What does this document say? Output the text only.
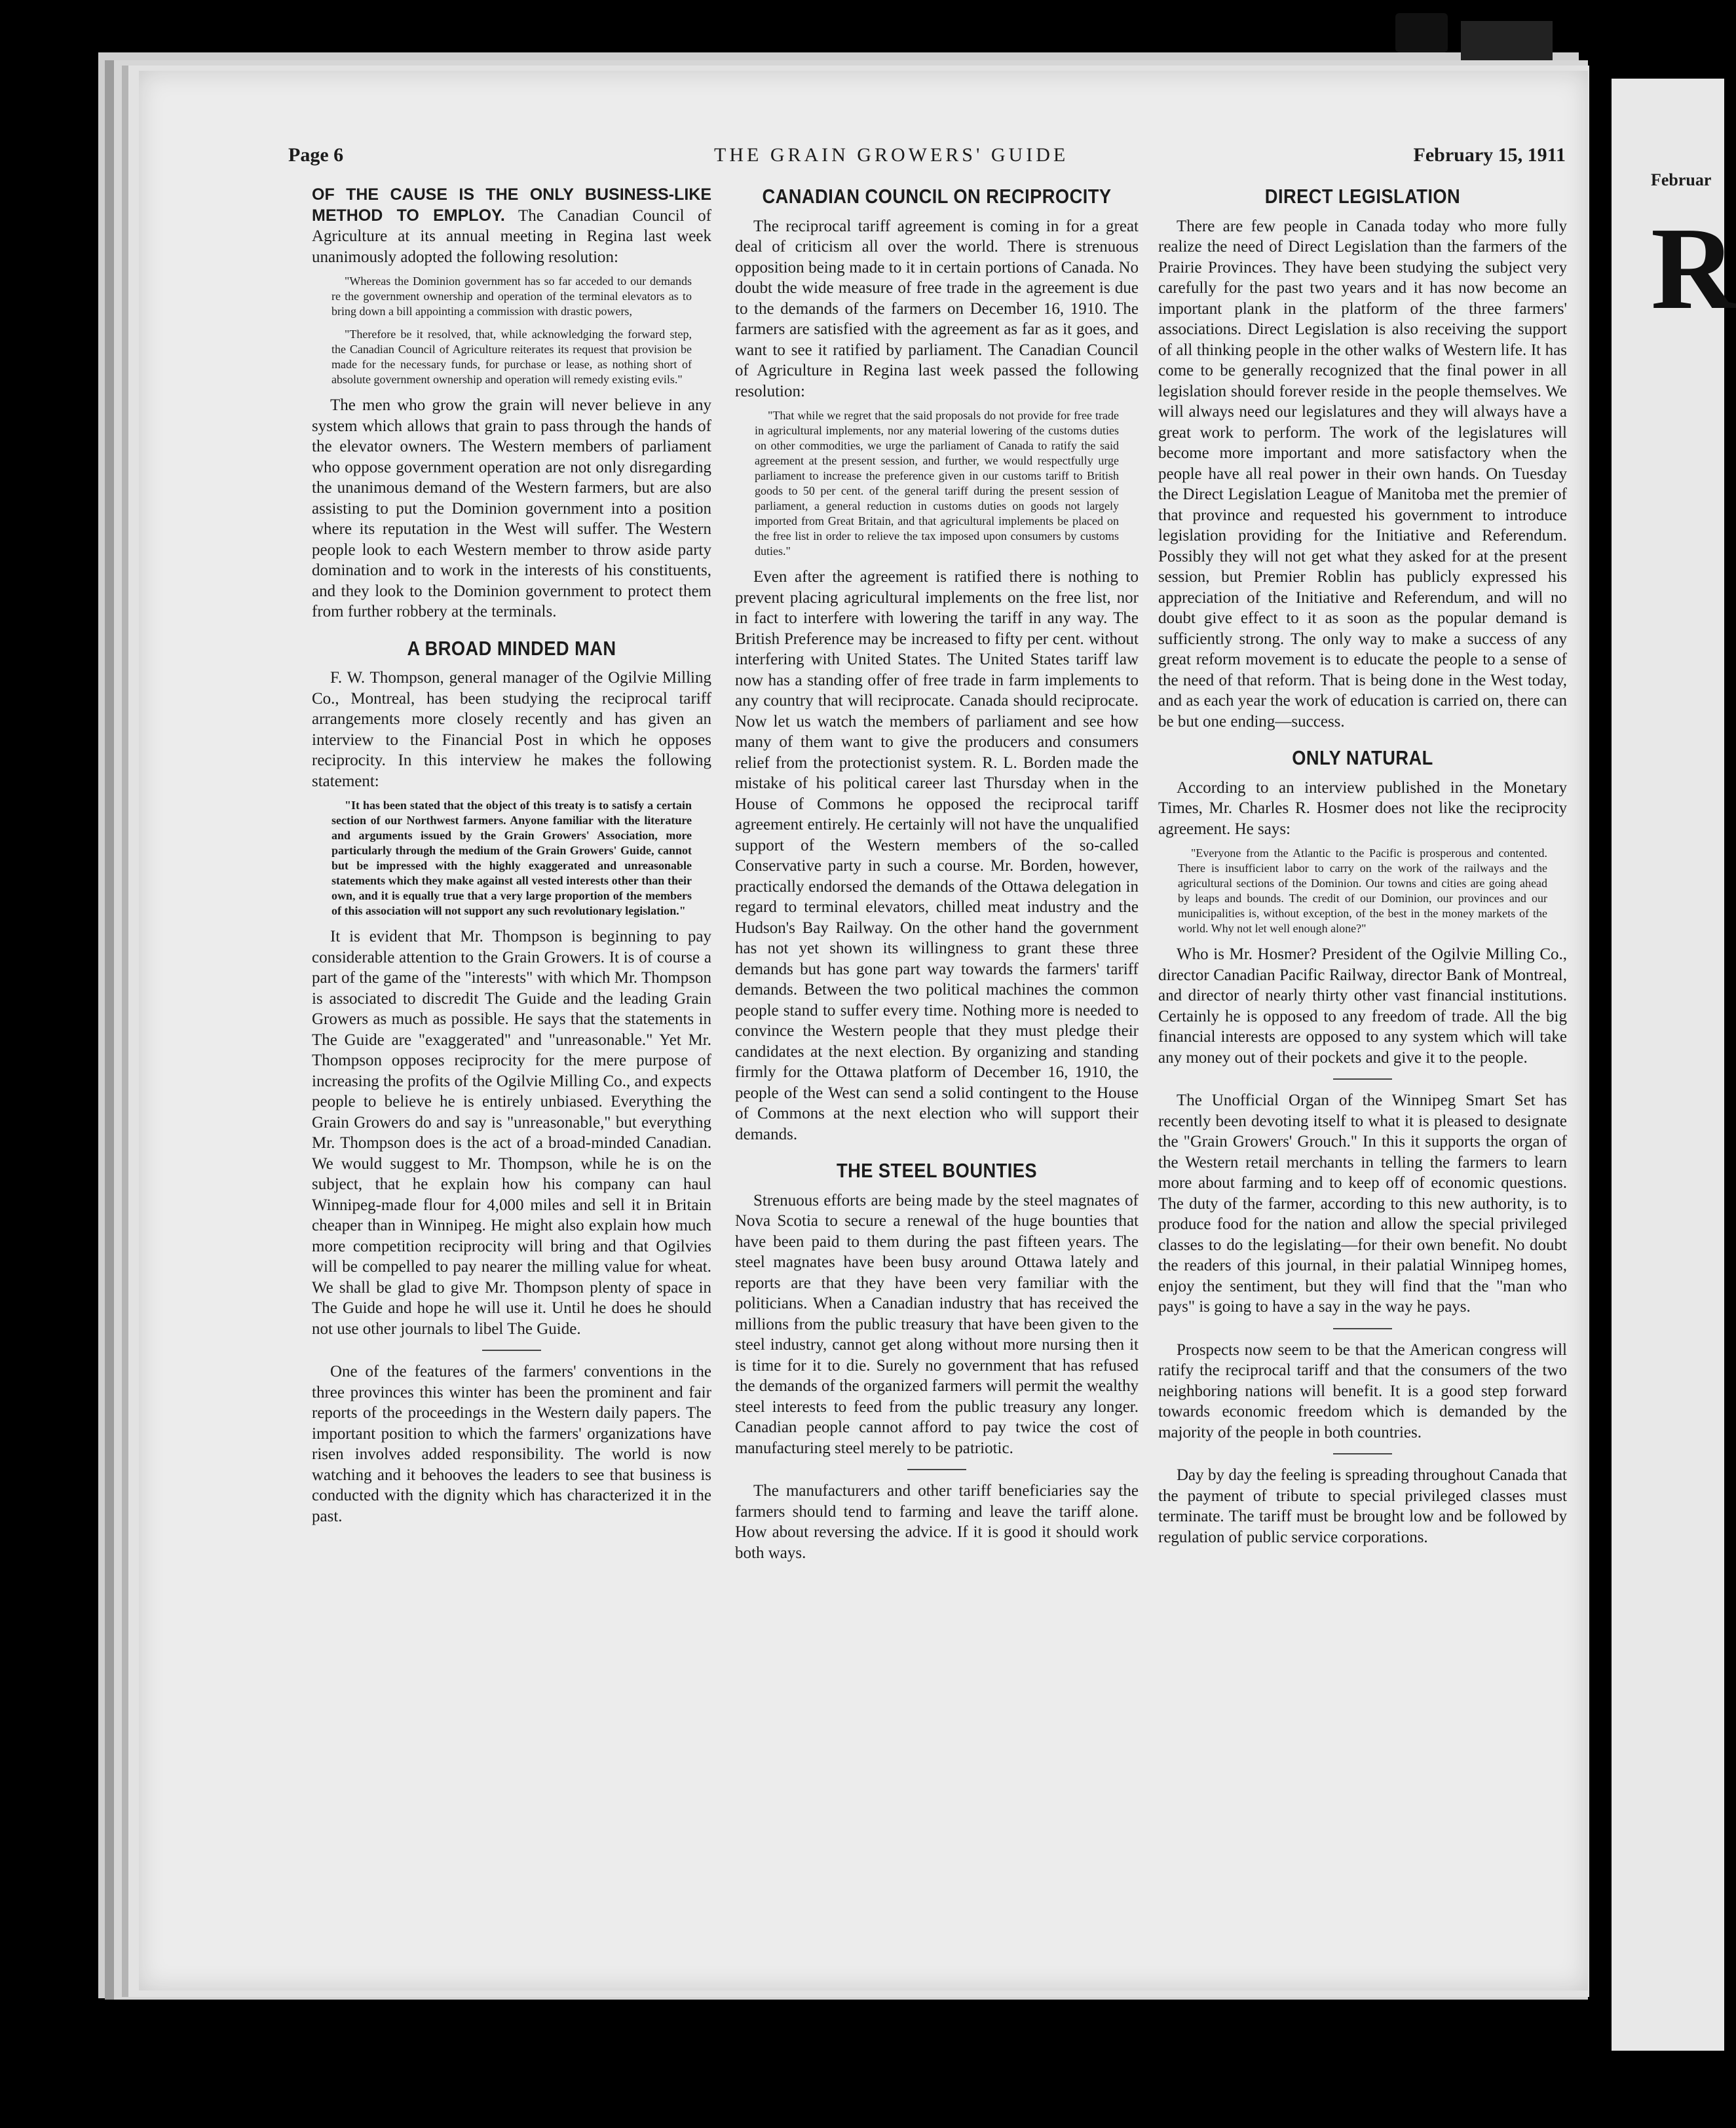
Februar
R
Page 6	THE GRAIN GROWERS' GUIDE	February 15, 1911

OF THE CAUSE IS THE ONLY BUSINESS-LIKE METHOD TO EMPLOY. The Canadian Council of Agriculture at its annual meeting in Regina last week unanimously adopted the following resolution:

"Whereas the Dominion government has so far acceded to our demands re the government ownership and operation of the terminal elevators as to bring down a bill appointing a commission with drastic powers,
"Therefore be it resolved, that, while acknowledging the forward step, the Canadian Council of Agriculture reiterates its request that provision be made for the necessary funds, for purchase or lease, as nothing short of absolute government ownership and operation will remedy existing evils."

The men who grow the grain will never believe in any system which allows that grain to pass through the hands of the elevator owners. The Western members of parliament who oppose government operation are not only disregarding the unanimous demand of the Western farmers, but are also assisting to put the Dominion government into a position where its reputation in the West will suffer. The Western people look to each Western member to throw aside party domination and to work in the interests of his constituents, and they look to the Dominion government to protect them from further robbery at the terminals.

A BROAD MINDED MAN

F. W. Thompson, general manager of the Ogilvie Milling Co., Montreal, has been studying the reciprocal tariff arrangements more closely recently and has given an interview to the Financial Post in which he opposes reciprocity. In this interview he makes the following statement:

"It has been stated that the object of this treaty is to satisfy a certain section of our Northwest farmers. Anyone familiar with the literature and arguments issued by the Grain Growers' Association, more particularly through the medium of the Grain Growers' Guide, cannot but be impressed with the highly exaggerated and unreasonable statements which they make against all vested interests other than their own, and it is equally true that a very large proportion of the members of this association will not support any such revolutionary legislation."

It is evident that Mr. Thompson is beginning to pay considerable attention to the Grain Growers. It is of course a part of the game of the "interests" with which Mr. Thompson is associated to discredit The Guide and the leading Grain Growers as much as possible. He says that the statements in The Guide are "exaggerated" and "unreasonable." Yet Mr. Thompson opposes reciprocity for the mere purpose of increasing the profits of the Ogilvie Milling Co., and expects people to believe he is entirely unbiased. Everything the Grain Growers do and say is "unreasonable," but everything Mr. Thompson does is the act of a broad-minded Canadian. We would suggest to Mr. Thompson, while he is on the subject, that he explain how his company can haul Winnipeg-made flour for 4,000 miles and sell it in Britain cheaper than in Winnipeg. He might also explain how much more competition reciprocity will bring and that Ogilvies will be compelled to pay nearer the milling value for wheat. We shall be glad to give Mr. Thompson plenty of space in The Guide and hope he will use it. Until he does he should not use other journals to libel The Guide.

One of the features of the farmers' conventions in the three provinces this winter has been the prominent and fair reports of the proceedings in the Western daily papers. The important position to which the farmers' organizations have risen involves added responsibility. The world is now watching and it behooves the leaders to see that business is conducted with the dignity which has characterized it in the past.

CANADIAN COUNCIL ON RECIPROCITY

The reciprocal tariff agreement is coming in for a great deal of criticism all over the world. There is strenuous opposition being made to it in certain portions of Canada. No doubt the wide measure of free trade in the agreement is due to the demands of the farmers on December 16, 1910. The farmers are satisfied with the agreement as far as it goes, and want to see it ratified by parliament. The Canadian Council of Agriculture in Regina last week passed the following resolution:

"That while we regret that the said proposals do not provide for free trade in agricultural implements, nor any material lowering of the customs duties on other commodities, we urge the parliament of Canada to ratify the said agreement at the present session, and further, we would respectfully urge parliament to increase the preference given in our customs tariff to British goods to 50 per cent. of the general tariff during the present session of parliament, a general reduction in customs duties on goods not largely imported from Great Britain, and that agricultural implements be placed on the free list in order to relieve the tax imposed upon consumers by customs duties."

Even after the agreement is ratified there is nothing to prevent placing agricultural implements on the free list, nor in fact to interfere with lowering the tariff in any way. The British Preference may be increased to fifty per cent. without interfering with United States. The United States tariff law now has a standing offer of free trade in farm implements to any country that will reciprocate. Canada should reciprocate. Now let us watch the members of parliament and see how many of them want to give the producers and consumers relief from the protectionist system. R. L. Borden made the mistake of his political career last Thursday when in the House of Commons he opposed the reciprocal tariff agreement entirely. He certainly will not have the unqualified support of the Western members of the so-called Conservative party in such a course. Mr. Borden, however, practically endorsed the demands of the Ottawa delegation in regard to terminal elevators, chilled meat industry and the Hudson's Bay Railway. On the other hand the government has not yet shown its willingness to grant these three demands but has gone part way towards the farmers' tariff demands. Between the two political machines the common people stand to suffer every time. Nothing more is needed to convince the Western people that they must pledge their candidates at the next election. By organizing and standing firmly for the Ottawa platform of December 16, 1910, the people of the West can send a solid contingent to the House of Commons at the next election who will support their demands.

THE STEEL BOUNTIES

Strenuous efforts are being made by the steel magnates of Nova Scotia to secure a renewal of the huge bounties that have been paid to them during the past fifteen years. The steel magnates have been busy around Ottawa lately and reports are that they have been very familiar with the politicians. When a Canadian industry that has received the millions from the public treasury that have been given to the steel industry, cannot get along without more nursing then it is time for it to die. Surely no government that has refused the demands of the organized farmers will permit the wealthy steel interests to feed from the public treasury any longer. Canadian people cannot afford to pay twice the cost of manufacturing steel merely to be patriotic.

The manufacturers and other tariff beneficiaries say the farmers should tend to farming and leave the tariff alone. How about reversing the advice. If it is good it should work both ways.

DIRECT LEGISLATION

There are few people in Canada today who more fully realize the need of Direct Legislation than the farmers of the Prairie Provinces. They have been studying the subject very carefully for the past two years and it has now become an important plank in the platform of the three farmers' associations. Direct Legislation is also receiving the support of all thinking people in the other walks of Western life. It has come to be generally recognized that the final power in all legislation should forever reside in the people themselves. We will always need our legislatures and they will always have a great work to perform. The work of the legislatures will become more important and more satisfactory when the people have all real power in their own hands. On Tuesday the Direct Legislation League of Manitoba met the premier of that province and requested his government to introduce legislation providing for the Initiative and Referendum. Possibly they will not get what they asked for at the present session, but Premier Roblin has publicly expressed his appreciation of the Initiative and Referendum, and will no doubt give effect to it as soon as the popular demand is sufficiently strong. The only way to make a success of any great reform movement is to educate the people to a sense of the need of that reform. That is being done in the West today, and as each year the work of education is carried on, there can be but one ending—success.

ONLY NATURAL

According to an interview published in the Monetary Times, Mr. Charles R. Hosmer does not like the reciprocity agreement. He says:

"Everyone from the Atlantic to the Pacific is prosperous and contented. There is insufficient labor to carry on the work of the railways and the agricultural sections of the Dominion. Our towns and cities are going ahead by leaps and bounds. The credit of our Dominion, our provinces and our municipalities is, without exception, of the best in the money markets of the world. Why not let well enough alone?"

Who is Mr. Hosmer? President of the Ogilvie Milling Co., director Canadian Pacific Railway, director Bank of Montreal, and director of nearly thirty other vast financial institutions. Certainly he is opposed to any freedom of trade. All the big financial interests are opposed to any system which will take any money out of their pockets and give it to the people.

The Unofficial Organ of the Winnipeg Smart Set has recently been devoting itself to what it is pleased to designate the "Grain Growers' Grouch." In this it supports the organ of the Western retail merchants in telling the farmers to learn more about farming and to keep off of economic questions. The duty of the farmer, according to this new authority, is to produce food for the nation and allow the special privileged classes to do the legislating—for their own benefit. No doubt the readers of this journal, in their palatial Winnipeg homes, enjoy the sentiment, but they will find that the "man who pays" is going to have a say in the way he pays.

Prospects now seem to be that the American congress will ratify the reciprocal tariff and that the consumers of the two neighboring nations will benefit. It is a good step forward towards economic freedom which is demanded by the majority of the people in both countries.

Day by day the feeling is spreading throughout Canada that the payment of tribute to special privileged classes must terminate. The tariff must be brought low and be followed by regulation of public service corporations.
